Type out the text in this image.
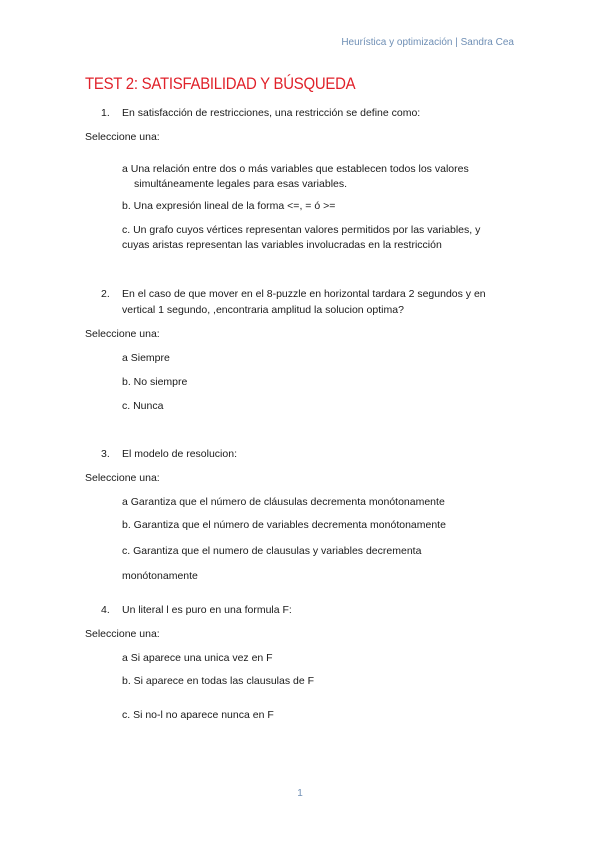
Heurística y optimización | Sandra Cea
TEST 2: SATISFABILIDAD Y BÚSQUEDA
1.	En satisfacción de restricciones, una restricción se define como:
Seleccione una:
a Una relación entre dos o más variables que establecen todos los valores
simultáneamente legales para esas variables.
b. Una expresión lineal de la forma <=, = ó >=
c. Un grafo cuyos vértices representan valores permitidos por las variables, y
cuyas aristas representan las variables involucradas en la restricción
2.	En el caso de que mover en el 8-puzzle en horizontal tardara 2 segundos y en
vertical 1 segundo, ,encontraria amplitud la solucion optima?
Seleccione una:
a Siempre
b. No siempre
c. Nunca
3.	El modelo de resolucion:
Seleccione una:
a Garantiza que el número de cláusulas decrementa monótonamente
b. Garantiza que el número de variables decrementa monótonamente
c. Garantiza que el numero de clausulas y variables decrementa
monótonamente
4.	Un literal l es puro en una formula F:
Seleccione una:
a Si aparece una unica vez en F
b. Si aparece en todas las clausulas de F
c. Si no-l no aparece nunca en F
1
